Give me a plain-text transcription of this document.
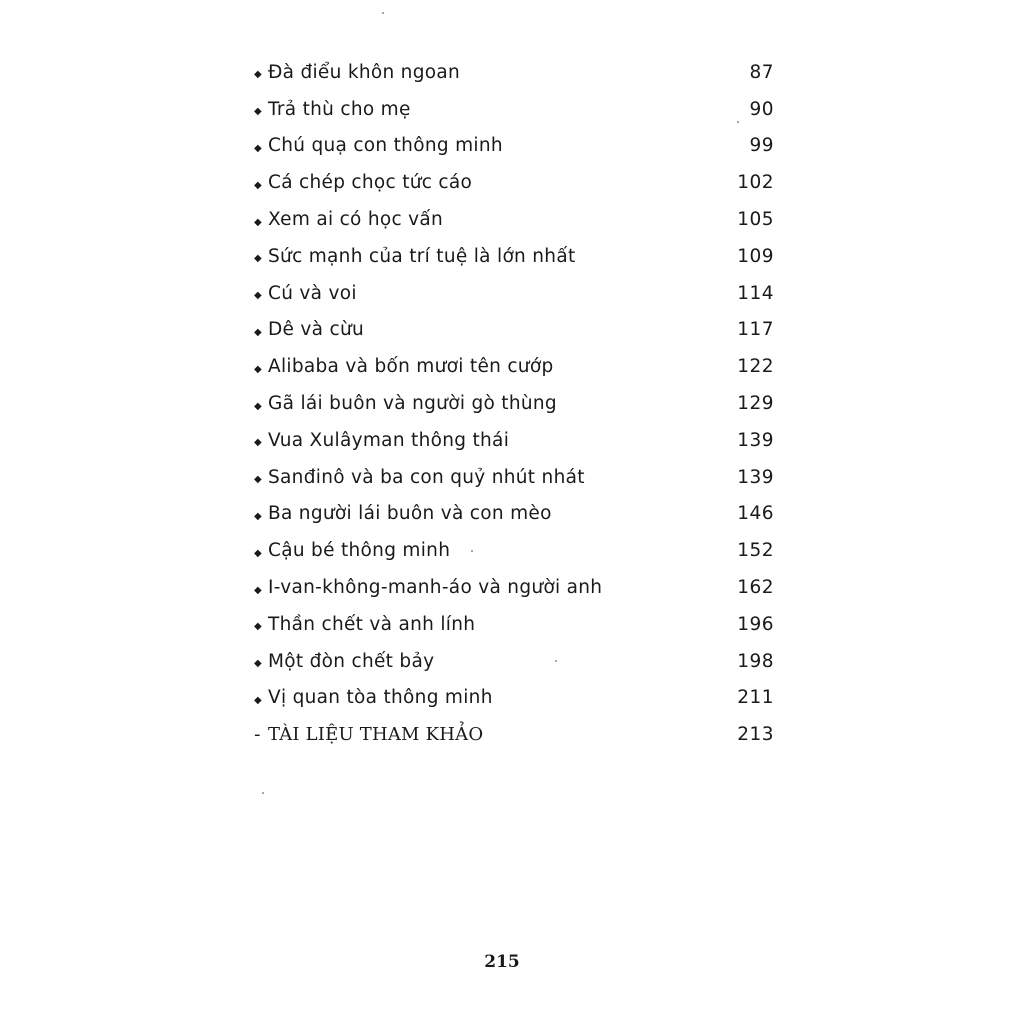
◆ Đà điểu khôn ngoan	87
◆ Trả thù cho mẹ	90
◆ Chú quạ con thông minh	99
◆ Cá chép chọc tức cáo	102
◆ Xem ai có học vấn	105
◆ Sức mạnh của trí tuệ là lớn nhất	109
◆ Cú và voi	114
◆ Dê và cừu	117
◆ Alibaba và bốn mươi tên cướp	122
◆ Gã lái buôn và người gò thùng	129
◆ Vua Xulâyman thông thái	139
◆ Sanđinô và ba con quỷ nhút nhát	139
◆ Ba người lái buôn và con mèo	146
◆ Cậu bé thông minh	152
◆ I-van-không-manh-áo và người anh	162
◆ Thần chết và anh lính	196
◆ Một đòn chết bảy	198
◆ Vị quan tòa thông minh	211
- TÀI LIỆU THAM KHẢO	213
215
